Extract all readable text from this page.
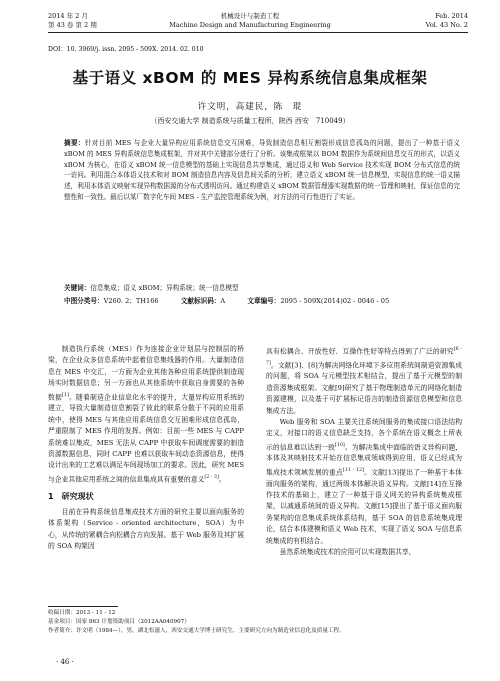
2014 年 2 月
第 43 卷 第 2 期
机械设计与制造工程
Machine Design and Manufacturing Engineering
Feb. 2014
Vol. 43 No. 2
DOI：10. 3969/j. issn. 2095 - 509X. 2014. 02. 010
基于语义 xBOM 的 MES 异构系统信息集成框架
许文明，高建民，陈　琨
（西安交通大学 制造系统与质量工程所，陕西 西安　710049）
摘要：针对目前 MES 与企业大量异构应用系统信息交互困难，导致制造信息相互割裂形成信息孤岛的问题，提出了一种基于语义 xBOM 的 MES 异构系统信息集成框架，并对其中关键部分进行了分析。该集成框架以 BOM 数据作为系统间信息交互的形式，以语义 xBOM 为核心，在语义 xBOM 统一信息模型的基础上实现信息共享集成，通过语义和 Web Service 技术实现 BOM 分布式信息的统一访问。利用混合本体语义技术和对 BOM 制造信息内容及信息间关系的分析，建立语义 xBOM 统一信息模型，实现信息的统一语义描述，利用本体语义映射实现异构数据源的分布式透明访问。通过构建语义 xBOM 数据管理器实现数据的统一管理和映射，保证信息的完整性和一致性。最后以某厂数字化车间 MES - 生产监控管理系统为例，对方法的可行性进行了实证。
关键词：信息集成；语义 xBOM；异构系统；统一信息模型
中图分类号：V260. 2；TH166	文献标识码：A	文章编号：2095 - 509X(2014)02 - 0046 - 05

制造执行系统（MES）作为连接企业计划层与控制层的桥梁，在企业众多信息系统中起着信息集线器的作用。大量制造信息在 MES 中交汇，一方面为企业其他各种应用系统提供制造现场实时数据信息；另一方面也从其他系统中获取自身需要的各种数据[1]。随着制造企业信息化水平的提升，大量异构应用系统的建立，导致大量制造信息割裂了彼此的联系分散于不同的应用系统中，使得 MES 与其他应用系统信息交互困难形成信息孤岛，严重限制了 MES 作用的发挥。例如：目前一些 MES 与 CAPP 系统难以集成，MES 无法从 CAPP 中获取车间调度需要的制造资源数据信息，同时 CAPP 也难以获取车间动态资源信息，使得设计出来的工艺难以满足车间现场加工的要求。因此，研究 MES 与企业其他应用系统之间的信息集成具有重要的意义[2 - 3]。

1　研究现状

目前在异构系统信息集成技术方面的研究主要以面向服务的体系架构（Service - oriented architecture，SOA）为中心，从传统的紧耦合向松耦合方向发展。基于 Web 服务及其扩展的 SOA 构架因

具有松耦合、开放性好、互操作性好等特点得到了广泛的研究[6 - 7]。文献[3]、[8]为解决网络化环境下多应用系统间制造资源集成的问题，将 SOA 与元模型技术相结合，提出了基于元模型的制造资源集成框架。文献[9]研究了基于物理制造单元的网络化制造资源建模，以及基于可扩展标记语言的制造资源信息模型和信息集成方法。

Web 服务和 SOA 主要关注系统间服务的集成接口语法结构定义，对接口的语义信息缺乏支持，各个系统在语义概念上所表示的信息难以达到一致[10]。为解决集成中面临的语义异构问题，本体及其映射技术开始在信息集成领域得到应用，语义已经成为集成技术领域发展的重点[11 - 12]。文献[13]提出了一种基于本体面向服务的架构，通过两级本体解决语义异构。文献[14]在互操作技术的基础上，建立了一种基于语义网关的异构系统集成框架，以减通系统间的语义异构。文献[15]提出了基于语义面向服务架构的信息集成系统体系结构，基于 SOA 的信息系统集成理论，结合本体建模和语义 Web 技术，实现了语义 SOA 与信息系统集成的有机结合。

虽然系统集成技术的应用可以实现数据共享，

收稿日期：2013 - 11 - 12
基金项目：国家 863 计划资助项目（2012AA040907）
作者简介：许文明（1984—），男，湖北松滋人，西安交通大学博士研究生，主要研究方向为制造业信息化及质量工程。
· 46 ·
